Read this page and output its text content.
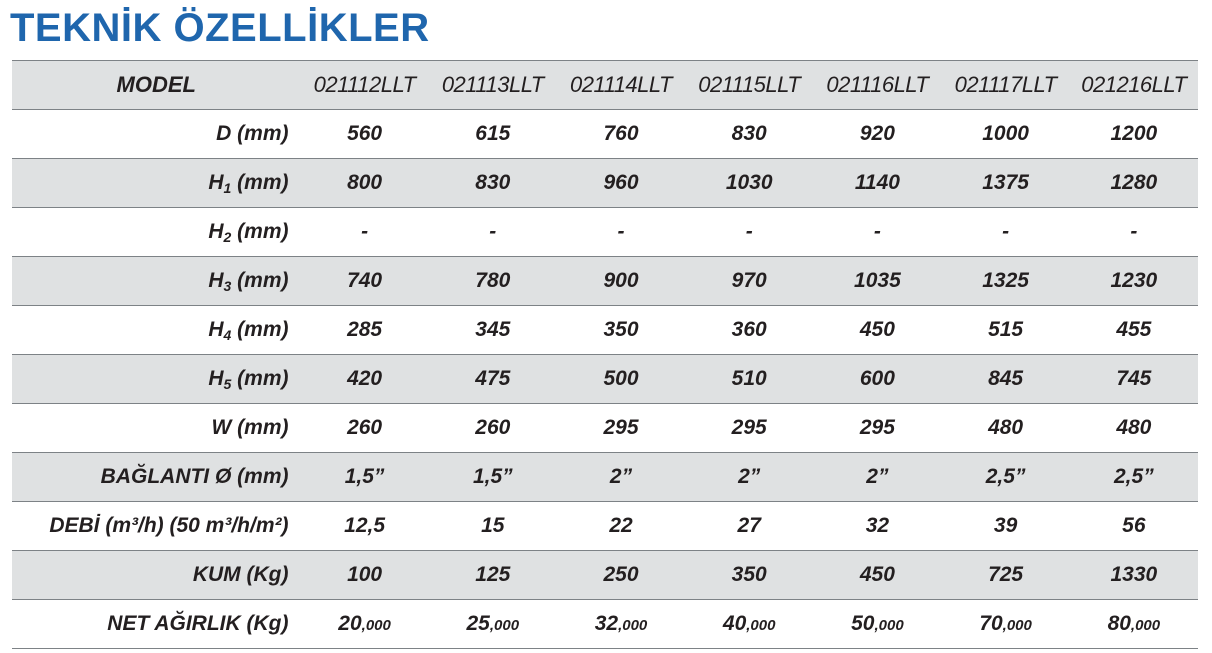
TEKNİK ÖZELLİKLER
MODEL	021112LLT	021113LLT	021114LLT	021115LLT	021116LLT	021117LLT	021216LLT
D (mm)	560	615	760	830	920	1000	1200
H1 (mm)	800	830	960	1030	1140	1375	1280
H2 (mm)	-	-	-	-	-	-	-
H3 (mm)	740	780	900	970	1035	1325	1230
H4 (mm)	285	345	350	360	450	515	455
H5 (mm)	420	475	500	510	600	845	745
W (mm)	260	260	295	295	295	480	480
BAĞLANTI Ø (mm)	1,5”	1,5”	2”	2”	2”	2,5”	2,5”
DEBİ (m³/h) (50 m³/h/m²)	12,5	15	22	27	32	39	56
KUM (Kg)	100	125	250	350	450	725	1330
NET AĞIRLIK (Kg)	20,000	25,000	32,000	40,000	50,000	70,000	80,000
